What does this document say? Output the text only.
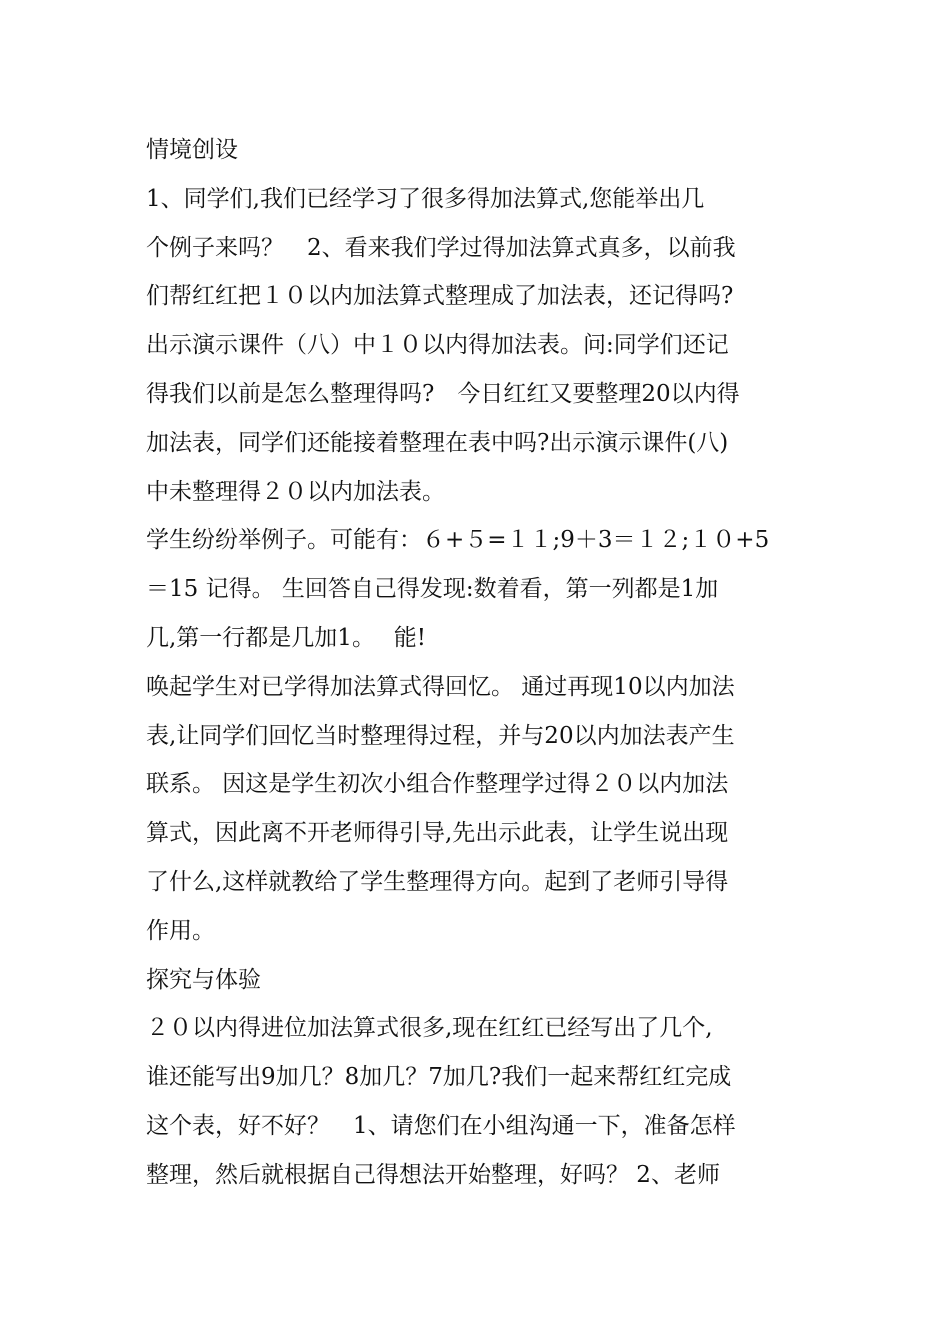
情境创设
1、同学们,我们已经学习了很多得加法算式,您能举出几
个例子来吗？　2、看来我们学过得加法算式真多，以前我
们帮红红把１０以内加法算式整理成了加法表，还记得吗?
出示演示课件（八）中１０以内得加法表。问:同学们还记
得我们以前是怎么整理得吗?　今日红红又要整理20以内得
加法表，同学们还能接着整理在表中吗?出示演示课件(八)
中未整理得２０以内加法表。
学生纷纷举例子。可能有：６+５=１１;9＋3＝１２;１０+5
＝15 记得。 生回答自己得发现:数着看，第一列都是1加
几,第一行都是几加1。　 能!
唤起学生对已学得加法算式得回忆。 通过再现10以内加法
表,让同学们回忆当时整理得过程，并与20以内加法表产生
联系。 因这是学生初次小组合作整理学过得２０以内加法
算式，因此离不开老师得引导,先出示此表，让学生说出现
了什么,这样就教给了学生整理得方向。起到了老师引导得
作用。
探究与体验
２０以内得进位加法算式很多,现在红红已经写出了几个,
谁还能写出9加几？8加几？7加几?我们一起来帮红红完成
这个表，好不好？　1、请您们在小组沟通一下，准备怎样
整理，然后就根据自己得想法开始整理，好吗？ 2、老师
